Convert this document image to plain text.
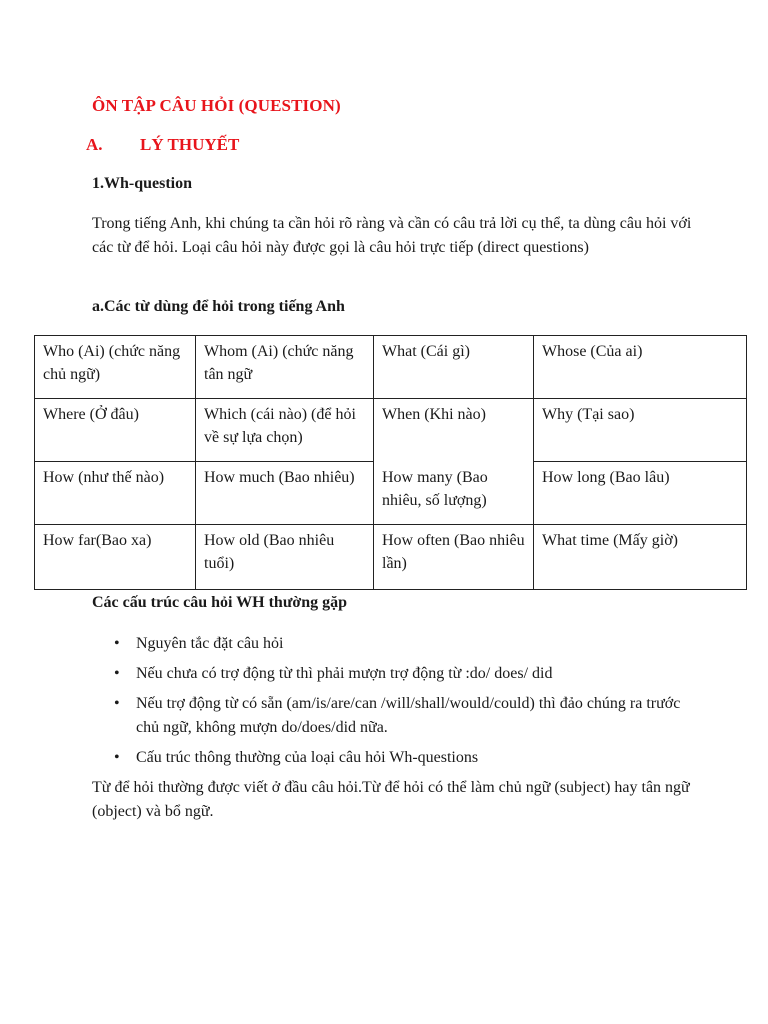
ÔN TẬP CÂU HỎI (QUESTION)
A. LÝ THUYẾT
1.Wh-question
Trong tiếng Anh, khi chúng ta cần hỏi rõ ràng và cần có câu trả lời cụ thể, ta dùng câu hỏi với các từ để hỏi. Loại câu hỏi này được gọi là câu hỏi trực tiếp (direct questions)
a.Các từ dùng để hỏi trong tiếng Anh
Who (Ai) (chức năng chủ ngữ)	Whom (Ai) (chức năng tân ngữ	What (Cái gì)	Whose (Của ai)
Where (Ở đâu)	Which (cái nào) (để hỏi về sự lựa chọn)	When (Khi nào)	Why (Tại sao)
How (như thế nào)	How much (Bao nhiêu)	How many (Bao nhiêu, số lượng)	How long (Bao lâu)
How far(Bao xa)	How old (Bao nhiêu tuổi)	How often (Bao nhiêu lần)	What time (Mấy giờ)
Các cấu trúc câu hỏi WH thường gặp
• Nguyên tắc đặt câu hỏi
• Nếu chưa có trợ động từ thì phải mượn trợ động từ :do/ does/ did
• Nếu trợ động từ có sẵn (am/is/are/can /will/shall/would/could) thì đảo chúng ra trước chủ ngữ, không mượn do/does/did nữa.
• Cấu trúc thông thường của loại câu hỏi Wh-questions
Từ để hỏi thường được viết ở đầu câu hỏi.Từ để hỏi có thể làm chủ ngữ (subject) hay tân ngữ (object) và bổ ngữ.
